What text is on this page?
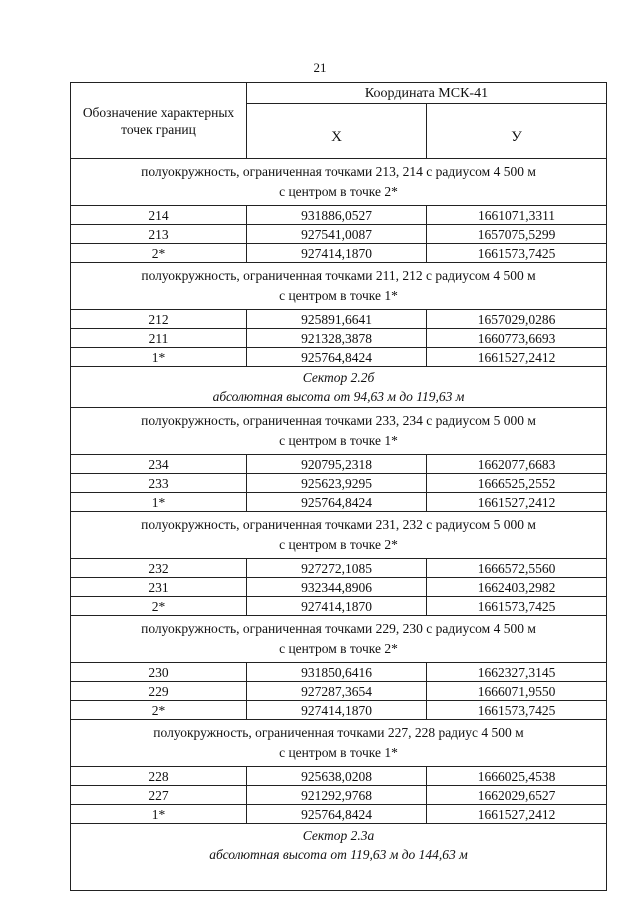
21
Обозначение характерных точек границ	Координата МСК-41	
	X	У

полуокружность, ограниченная точками 213, 214 с радиусом 4 500 м
с центром в точке 2*		

214	931886,0527	1661071,3311
213	927541,0087	1657075,5299
2*	927414,1870	1661573,7425

полуокружность, ограниченная точками 211, 212 с радиусом 4 500 м
с центром в точке 1*		

212	925891,6641	1657029,0286
211	921328,3878	1660773,6693
1*	925764,8424	1661527,2412

Сектор 2.2б
абсолютная высота от 94,63 м до 119,63 м		

полуокружность, ограниченная точками 233, 234 с радиусом 5 000 м
с центром в точке 1*		

234	920795,2318	1662077,6683
233	925623,9295	1666525,2552
1*	925764,8424	1661527,2412

полуокружность, ограниченная точками 231, 232 с радиусом 5 000 м
с центром в точке 2*		

232	927272,1085	1666572,5560
231	932344,8906	1662403,2982
2*	927414,1870	1661573,7425

полуокружность, ограниченная точками 229, 230 с радиусом 4 500 м
с центром в точке 2*		

230	931850,6416	1662327,3145
229	927287,3654	1666071,9550
2*	927414,1870	1661573,7425

полуокружность, ограниченная точками 227, 228 радиус 4 500 м
с центром в точке 1*		

228	925638,0208	1666025,4538
227	921292,9768	1662029,6527
1*	925764,8424	1661527,2412

Сектор 2.3а
абсолютная высота от 119,63 м до 144,63 м		
